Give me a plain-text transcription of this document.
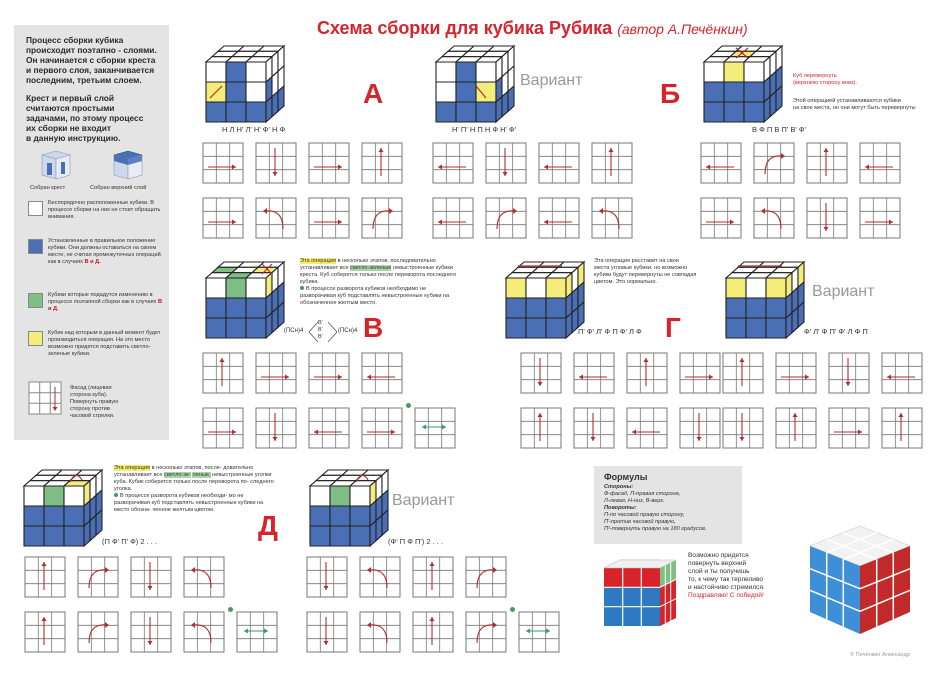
Схема сборки для кубика Рубика (автор А.Печёнкин)
Процесс сборки кубика
происходит поэтапно - слоями.
Он начинается с сборки креста
и первого слоя, заканчивается
последним, третьим слоем.
Крест и первый слой
считаются простыми
задачами, по этому процесс
их сборки не входит
в данную инструкцию.
Собран крест	Собран верхний слой
Беспорядочно расположенные кубики. В процессе сборки на них не стоит обращать внимания.
Установленные в правильное положение кубики. Они должны оставаться на своем месте, не считая промежуточных операций как в случаях В и Д.
Кубики которые подадутся изменению в процессе поэтапной сборки как в случаях В и Д.
Кубик над которым в данный момент будет производиться операция. На это место возможно придется подставить светло-зеленые кубики.
Фасад (лицевая
сторона куба).
Повернуть правую
сторону против
часовой стрелки.
А
Н Л Н' Л' Н' Ф' Н Ф
Вариант
Н' П' Н П Н Ф Н' Ф'
Б
Куб перевернуть
(верхнюю сторону вниз).
Этой операцией устанавливаются кубики
на свое места, но они могут быть перевернуты
В Ф П В П' В' Ф'
Эта операция в несколько этапов, последовательно устанавливает все светло-зеленые невыстроенные кубики креста. Куб соберется только после переворота последнего кубика.
В процессе разворота кубиков необходимо не разворачивая куб подставлять невыстроенные кубики на обозначенное желтым место.
(ПСн)4
В'
В'
В'
(ПСн)4 В
Эта операция расставит на свои
места угловые кубики, но возможно
кубики будут перевернуты не совпадая
цветом. Это нормально.
П' Ф' Л' Ф П Ф' Л Ф Г
Вариант
Ф' Л' Ф П' Ф' Л Ф П
Эта операция в несколько этапов, после- довательно устанавливает все светло-зе- леные, невыстроенные уголки куба. Кубик соберется только после переворота по- следнего уголка.
В процессе разворота кубиков необходи- мо не разворачивая куб подставлять невыстроенные кубики на место обозна- ченное желтым цветом.	Д
(П Ф' П' Ф) 2 . . .
Вариант
(Ф' П Ф П') 2 . . .
Формулы
Стороны:
Ф-фасад, П-правая сторона,
Л-левая, Н-низ, В-верх.
Повороты:
П-по часовой правую сторону,
П'-против часовой правую,
П²-повернуть правую на 180 градусов.
Возможно придется
повернуть верхний
слой и ты получишь
то, к чему так терпеливо
и настойчиво стремился.
Поздравляю! С победой!
© Печёнкин Александр
